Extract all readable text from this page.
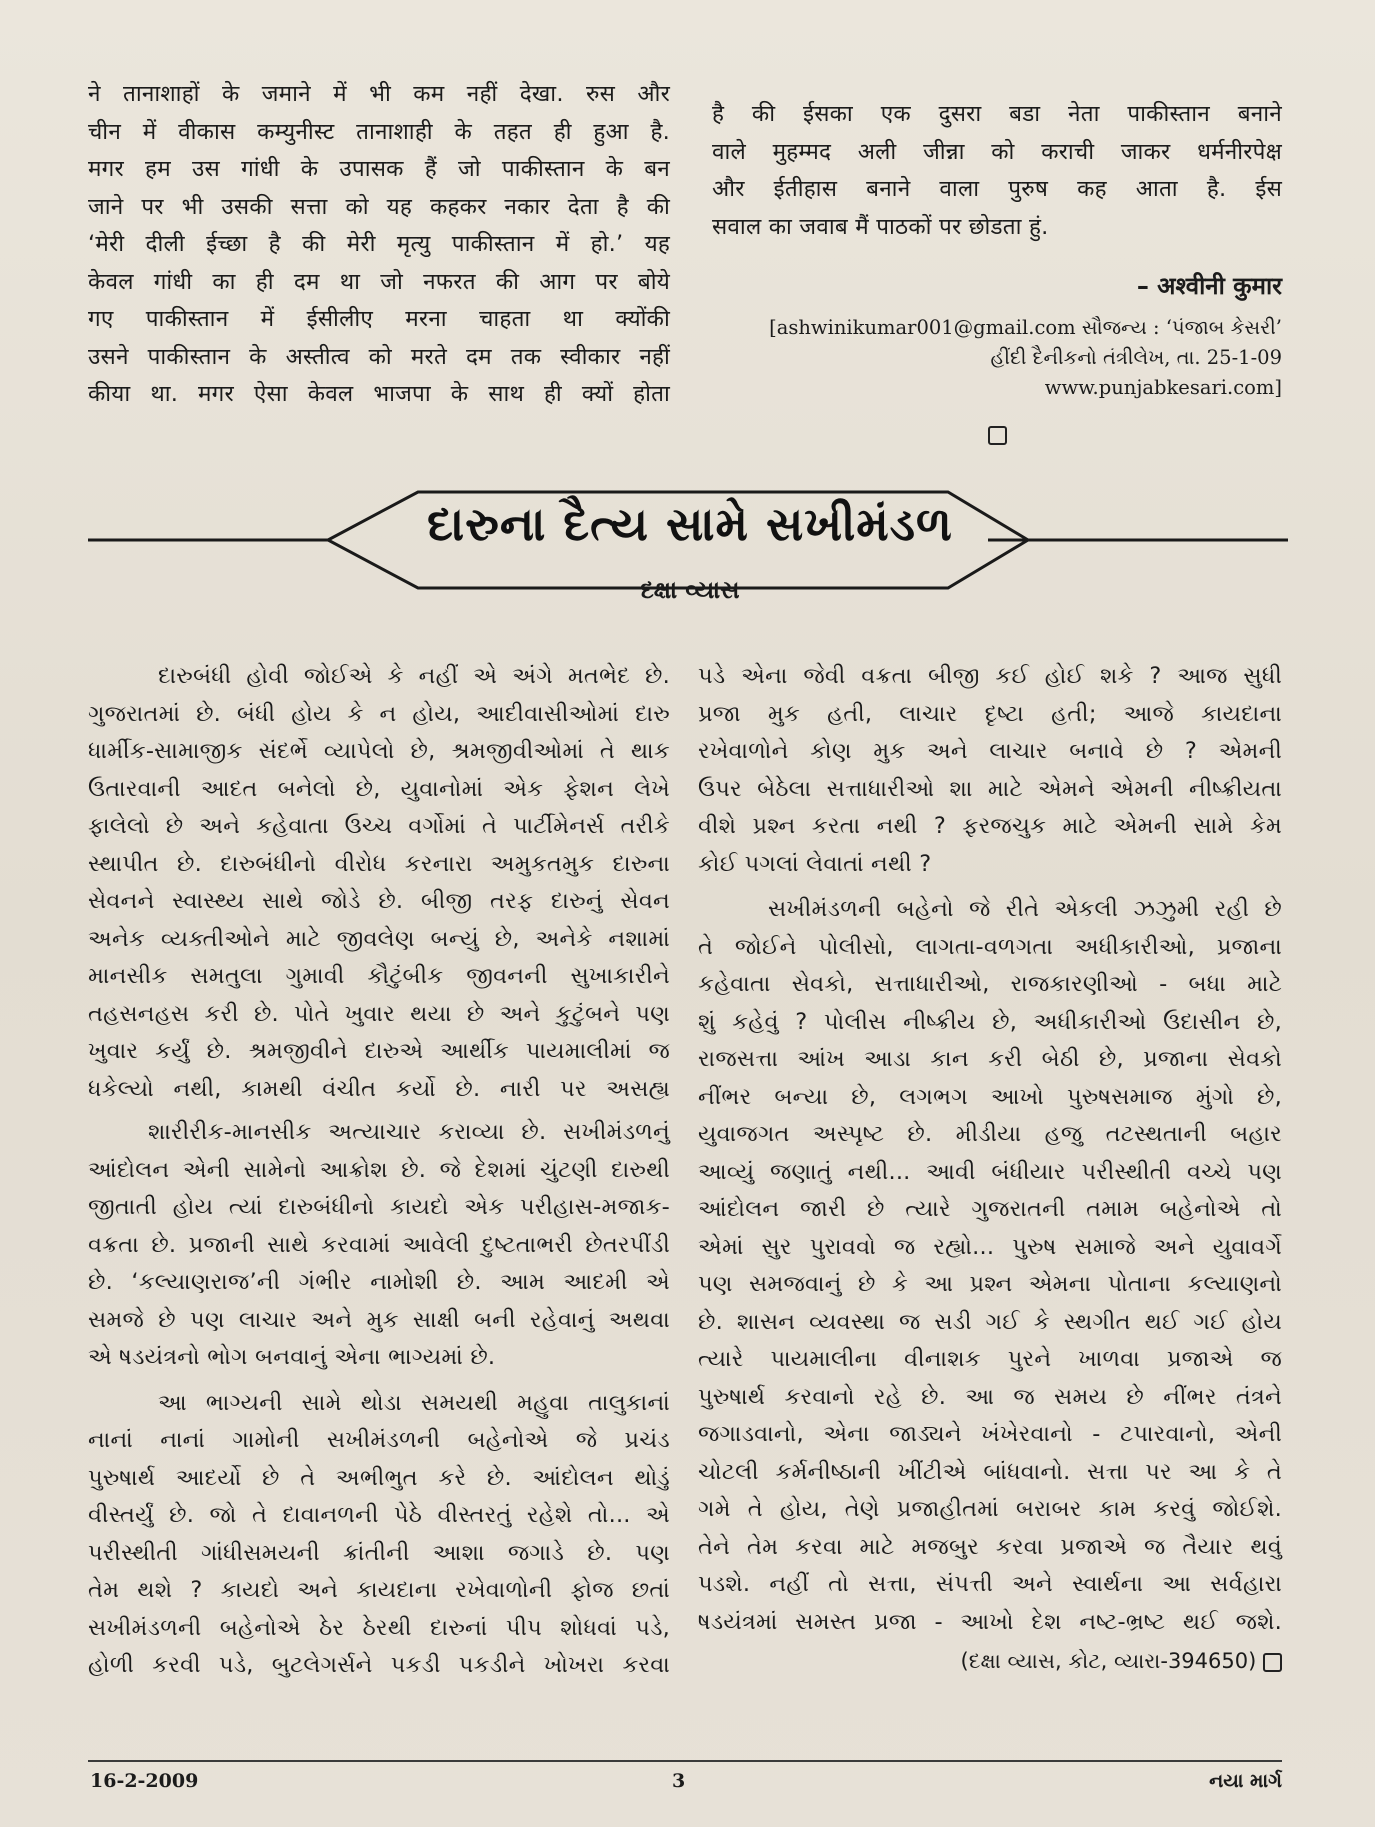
ने तानाशाहों के जमाने में भी कम नहीं देखा. रुस और
चीन में वीकास कम्युनीस्ट तानाशाही के तहत ही हुआ है.
मगर हम उस गांधी के उपासक हैं जो पाकीस्तान के बन
जाने पर भी उसकी सत्ता को यह कहकर नकार देता है की
‘मेरी दीली ईच्छा है की मेरी मृत्यु पाकीस्तान में हो.’ यह
केवल गांधी का ही दम था जो नफरत की आग पर बोये
गए पाकीस्तान में ईसीलीए मरना चाहता था क्योंकी
उसने पाकीस्तान के अस्तीत्व को मरते दम तक स्वीकार नहीं
कीया था. मगर ऐसा केवल भाजपा के साथ ही क्यों होता

है की ईसका एक दुसरा बडा नेता पाकीस्तान बनाने
वाले मुहम्मद अली जीन्ना को कराची जाकर धर्मनीरपेक्ष
और ईतीहास बनाने वाला पुरुष कह आता है. ईस
सवाल का जवाब मैं पाठकों पर छोडता हुं.

– अश्वीनी कुमार
[ashwinikumar001@gmail.com સૌજન્ય : ‘પંજાબ કેસરી’
હીંદી દૈનીકનો તંત્રીલેખ, તા. 25-1-09
www.punjabkesari.com]
દારુના દૈત્ય સામે સખીમંડળ
દક્ષા વ્યાસ
દારુબંધી હોવી જોઈએ કે નહીં એ અંગે મતભેદ છે.
ગુજરાતમાં છે. બંધી હોય કે ન હોય, આદીવાસીઓમાં દારુ
ધાર્મીક-સામાજીક સંદર્ભે વ્યાપેલો છે, શ્રમજીવીઓમાં તે થાક
ઉતારવાની આદત બનેલો છે, યુવાનોમાં એક ફેશન લેખે
ફાલેલો છે અને કહેવાતા ઉચ્ચ વર્ગોમાં તે પાર્ટીમેનર્સ તરીકે
સ્થાપીત છે. દારુબંધીનો વીરોધ કરનારા અમુકતમુક દારુના
સેવનને સ્વાસ્થ્ય સાથે જોડે છે. બીજી તરફ દારુનું સેવન
અનેક વ્યક્તીઓને માટે જીવલેણ બન્યું છે, અનેકે નશામાં
માનસીક સમતુલા ગુમાવી કૌટુંબીક જીવનની સુખાકારીને
તહસનહસ કરી છે. પોતે ખુવાર થયા છે અને કુટુંબને પણ
ખુવાર કર્યું છે. શ્રમજીવીને દારુએ આર્થીક પાયમાલીમાં જ
ધકેલ્યો નથી, કામથી વંચીત કર્યો છે. નારી પર અસહ્ય
શારીરીક-માનસીક અત્યાચાર કરાવ્યા છે. સખીમંડળનું
આંદોલન એની સામેનો આક્રોશ છે. જે દેશમાં ચુંટણી દારુથી
જીતાતી હોય ત્યાં દારુબંધીનો કાયદો એક પરીહાસ-મજાક-
વક્રતા છે. પ્રજાની સાથે કરવામાં આવેલી દુષ્ટતાભરી છેતરપીંડી
છે. ‘કલ્યાણરાજ’ની ગંભીર નામોશી છે. આમ આદમી એ
સમજે છે પણ લાચાર અને મુક સાક્ષી બની રહેવાનું અથવા
એ ષડયંત્રનો ભોગ બનવાનું એના ભાગ્યમાં છે.
આ ભાગ્યની સામે થોડા સમયથી મહુવા તાલુકાનાં
નાનાં નાનાં ગામોની સખીમંડળની બહેનોએ જે પ્રચંડ
પુરુષાર્થ આદર્યો છે તે અભીભુત કરે છે. આંદોલન થોડું
વીસ્તર્યું છે. જો તે દાવાનળની પેઠે વીસ્તરતું રહેશે તો... એ
પરીસ્થીતી ગાંધીસમયની ક્રાંતીની આશા જગાડે છે. પણ
તેમ થશે ? કાયદો અને કાયદાના રખેવાળોની ફોજ છતાં
સખીમંડળની બહેનોએ ઠેર ઠેરથી દારુનાં પીપ શોધવાં પડે,
હોળી કરવી પડે, બુટલેગર્સને પકડી પકડીને ખોખરા કરવા
પડે એના જેવી વક્રતા બીજી કઈ હોઈ શકે ? આજ સુધી
પ્રજા મુક હતી, લાચાર દૃષ્ટા હતી; આજે કાયદાના
રખેવાળોને કોણ મુક અને લાચાર બનાવે છે ? એમની
ઉપર બેઠેલા સત્તાધારીઓ શા માટે એમને એમની નીષ્ક્રીયતા
વીશે પ્રશ્ન કરતા નથી ? ફરજચુક માટે એમની સામે કેમ
કોઈ પગલાં લેવાતાં નથી ?
સખીમંડળની બહેનો જે રીતે એકલી ઝઝુમી રહી છે
તે જોઈને પોલીસો, લાગતા-વળગતા અધીકારીઓ, પ્રજાના
કહેવાતા સેવકો, સત્તાધારીઓ, રાજકારણીઓ - બધા માટે
શું કહેવું ? પોલીસ નીષ્ક્રીય છે, અધીકારીઓ ઉદાસીન છે,
રાજસત્તા આંખ આડા કાન કરી બેઠી છે, પ્રજાના સેવકો
નીંભર બન્યા છે, લગભગ આખો પુરુષસમાજ મુંગો છે,
યુવાજગત અસ્પૃષ્ટ છે. મીડીયા હજુ તટસ્થતાની બહાર
આવ્યું જણાતું નથી... આવી બંધીયાર પરીસ્થીતી વચ્ચે પણ
આંદોલન જારી છે ત્યારે ગુજરાતની તમામ બહેનોએ તો
એમાં સુર પુરાવવો જ રહ્યો... પુરુષ સમાજે અને યુવાવર્ગે
પણ સમજવાનું છે કે આ પ્રશ્ન એમના પોતાના કલ્યાણનો
છે. શાસન વ્યવસ્થા જ સડી ગઈ કે સ્થગીત થઈ ગઈ હોય
ત્યારે પાયમાલીના વીનાશક પુરને ખાળવા પ્રજાએ જ
પુરુષાર્થ કરવાનો રહે છે. આ જ સમય છે નીંભર તંત્રને
જગાડવાનો, એના જાડ્યને ખંખેરવાનો - ટપારવાનો, એની
ચોટલી કર્મનીષ્ઠાની ખીંટીએ બાંધવાનો. સત્તા પર આ કે તે
ગમે તે હોય, તેણે પ્રજાહીતમાં બરાબર કામ કરવું જોઈશે.
તેને તેમ કરવા માટે મજબુર કરવા પ્રજાએ જ તૈયાર થવું
પડશે. નહીં તો સત્તા, સંપત્તી અને સ્વાર્થના આ સર્વહારા
ષડયંત્રમાં સમસ્ત પ્રજા - આખો દેશ નષ્ટ-ભ્રષ્ટ થઈ જશે.
(દક્ષા વ્યાસ, કોટ, વ્યારા-394650)
16-2-2009	3	નયા માર્ગ
